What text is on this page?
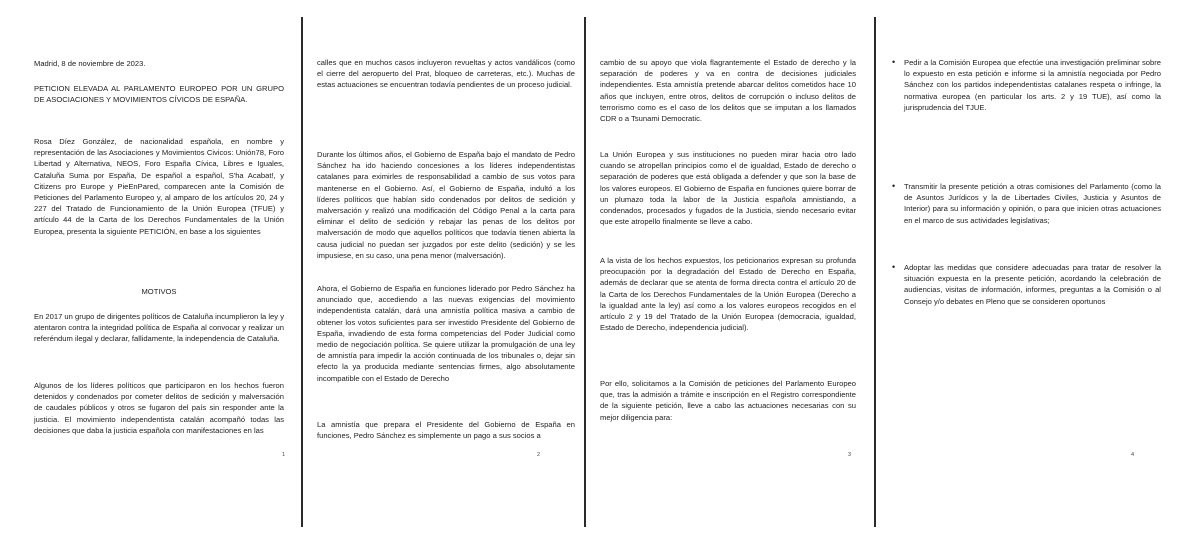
Madrid, 8 de noviembre de 2023.

PETICION ELEVADA AL PARLAMENTO EUROPEO POR UN GRUPO DE ASOCIACIONES Y MOVIMIENTOS CÍVICOS DE ESPAÑA.

Rosa Díez González, de nacionalidad española, en nombre y representación de las Asociaciones y Movimientos Civicos: Unión78, Foro Libertad y Alternativa, NEOS, Foro España Cívica, Libres e Iguales, Cataluña Suma por España, De español a español, S'ha Acabat!, y Citizens pro Europe y PieEnPared, comparecen ante la Comisión de Peticiones del Parlamento Europeo y, al amparo de los artículos 20, 24 y 227 del Tratado de Funcionamiento de la Unión Europea (TFUE) y artículo 44 de la Carta de los Derechos Fundamentales de la Unión Europea, presenta la siguiente PETICIÓN, en base a los siguientes

MOTIVOS

En 2017 un grupo de dirigentes políticos de Cataluña incumplieron la ley y atentaron contra la integridad política de España al convocar y realizar un referéndum ilegal y declarar, fallidamente, la independencia de Cataluña.

Algunos de los líderes políticos que participaron en los hechos fueron detenidos y condenados por cometer delitos de sedición y malversación de caudales públicos y otros se fugaron del país sin responder ante la justicia. El movimiento independentista catalán acompañó todas las decisiones que daba la justicia española con manifestaciones en las

1

calles que en muchos casos incluyeron revueltas y actos vandálicos (como el cierre del aeropuerto del Prat, bloqueo de carreteras, etc.). Muchas de estas actuaciones se encuentran todavía pendientes de un proceso judicial.

Durante los últimos años, el Gobierno de España bajo el mandato de Pedro Sánchez ha ido haciendo concesiones a los líderes independentistas catalanes para eximirles de responsabilidad a cambio de sus votos para mantenerse en el Gobierno. Así, el Gobierno de España, indultó a los líderes políticos que habían sido condenados por delitos de sedición y malversación y realizó una modificación del Código Penal a la carta para eliminar el delito de sedición y rebajar las penas de los delitos por malversación de modo que aquellos políticos que todavía tienen abierta la causa judicial no puedan ser juzgados por este delito (sedición) y se les impusiese, en su caso, una pena menor (malversación).

Ahora, el Gobierno de España en funciones liderado por Pedro Sánchez ha anunciado que, accediendo a las nuevas exigencias del movimiento independentista catalán, dará una amnistía política masiva a cambio de obtener los votos suficientes para ser investido Presidente del Gobierno de España, invadiendo de esta forma competencias del Poder Judicial como medio de negociación política. Se quiere utilizar la promulgación de una ley de amnistía para impedir la acción continuada de los tribunales o, dejar sin efecto la ya producida mediante sentencias firmes, algo absolutamente incompatible con el Estado de Derecho

La amnistía que prepara el Presidente del Gobierno de España en funciones, Pedro Sánchez es simplemente un pago a sus socios a

2

cambio de su apoyo que viola flagrantemente el Estado de derecho y la separación de poderes y va en contra de decisiones judiciales independientes. Esta amnistía pretende abarcar delitos cometidos hace 10 años que incluyen, entre otros, delitos de corrupción o incluso delitos de terrorismo como es el caso de los delitos que se imputan a los llamados CDR o a Tsunami Democratic.

La Unión Europea y sus instituciones no pueden mirar hacia otro lado cuando se atropellan principios como el de igualdad, Estado de derecho o separación de poderes que está obligada a defender y que son la base de los valores europeos. El Gobierno de España en funciones quiere borrar de un plumazo toda la labor de la Justicia española amnistiando, a condenados, procesados y fugados de la Justicia, siendo necesario evitar que este atropello finalmente se lleve a cabo.

A la vista de los hechos expuestos, los peticionarios expresan su profunda preocupación por la degradación del Estado de Derecho en España, además de declarar que se atenta de forma directa contra el artículo 20 de la Carta de los Derechos Fundamentales de la Unión Europea (Derecho a la igualdad ante la ley) así como a los valores europeos recogidos en el artículo 2 y 19 del Tratado de la Unión Europea (democracia, igualdad, Estado de Derecho, independencia judicial).

Por ello, solicitamos a la Comisión de peticiones del Parlamento Europeo que, tras la admisión a trámite e inscripción en el Registro correspondiente de la siguiente petición, lleve a cabo las actuaciones necesarias con su mejor diligencia para:

3
• Pedir a la Comisión Europea que efectúe una investigación preliminar sobre lo expuesto en esta petición e informe si la amnistía negociada por Pedro Sánchez con los partidos independentistas catalanes respeta o infringe, la normativa europea (en particular los arts. 2 y 19 TUE), así como la jurisprudencia del TJUE.
• Transmitir la presente petición a otras comisiones del Parlamento (como la de Asuntos Jurídicos y la de Libertades Civiles, Justicia y Asuntos de Interior) para su información y opinión, o para que inicien otras actuaciones en el marco de sus actividades legislativas;
• Adoptar las medidas que considere adecuadas para tratar de resolver la situación expuesta en la presente petición, acordando la celebración de audiencias, visitas de información, informes, preguntas a la Comisión o al Consejo y/o debates en Pleno que se consideren oportunos
4
